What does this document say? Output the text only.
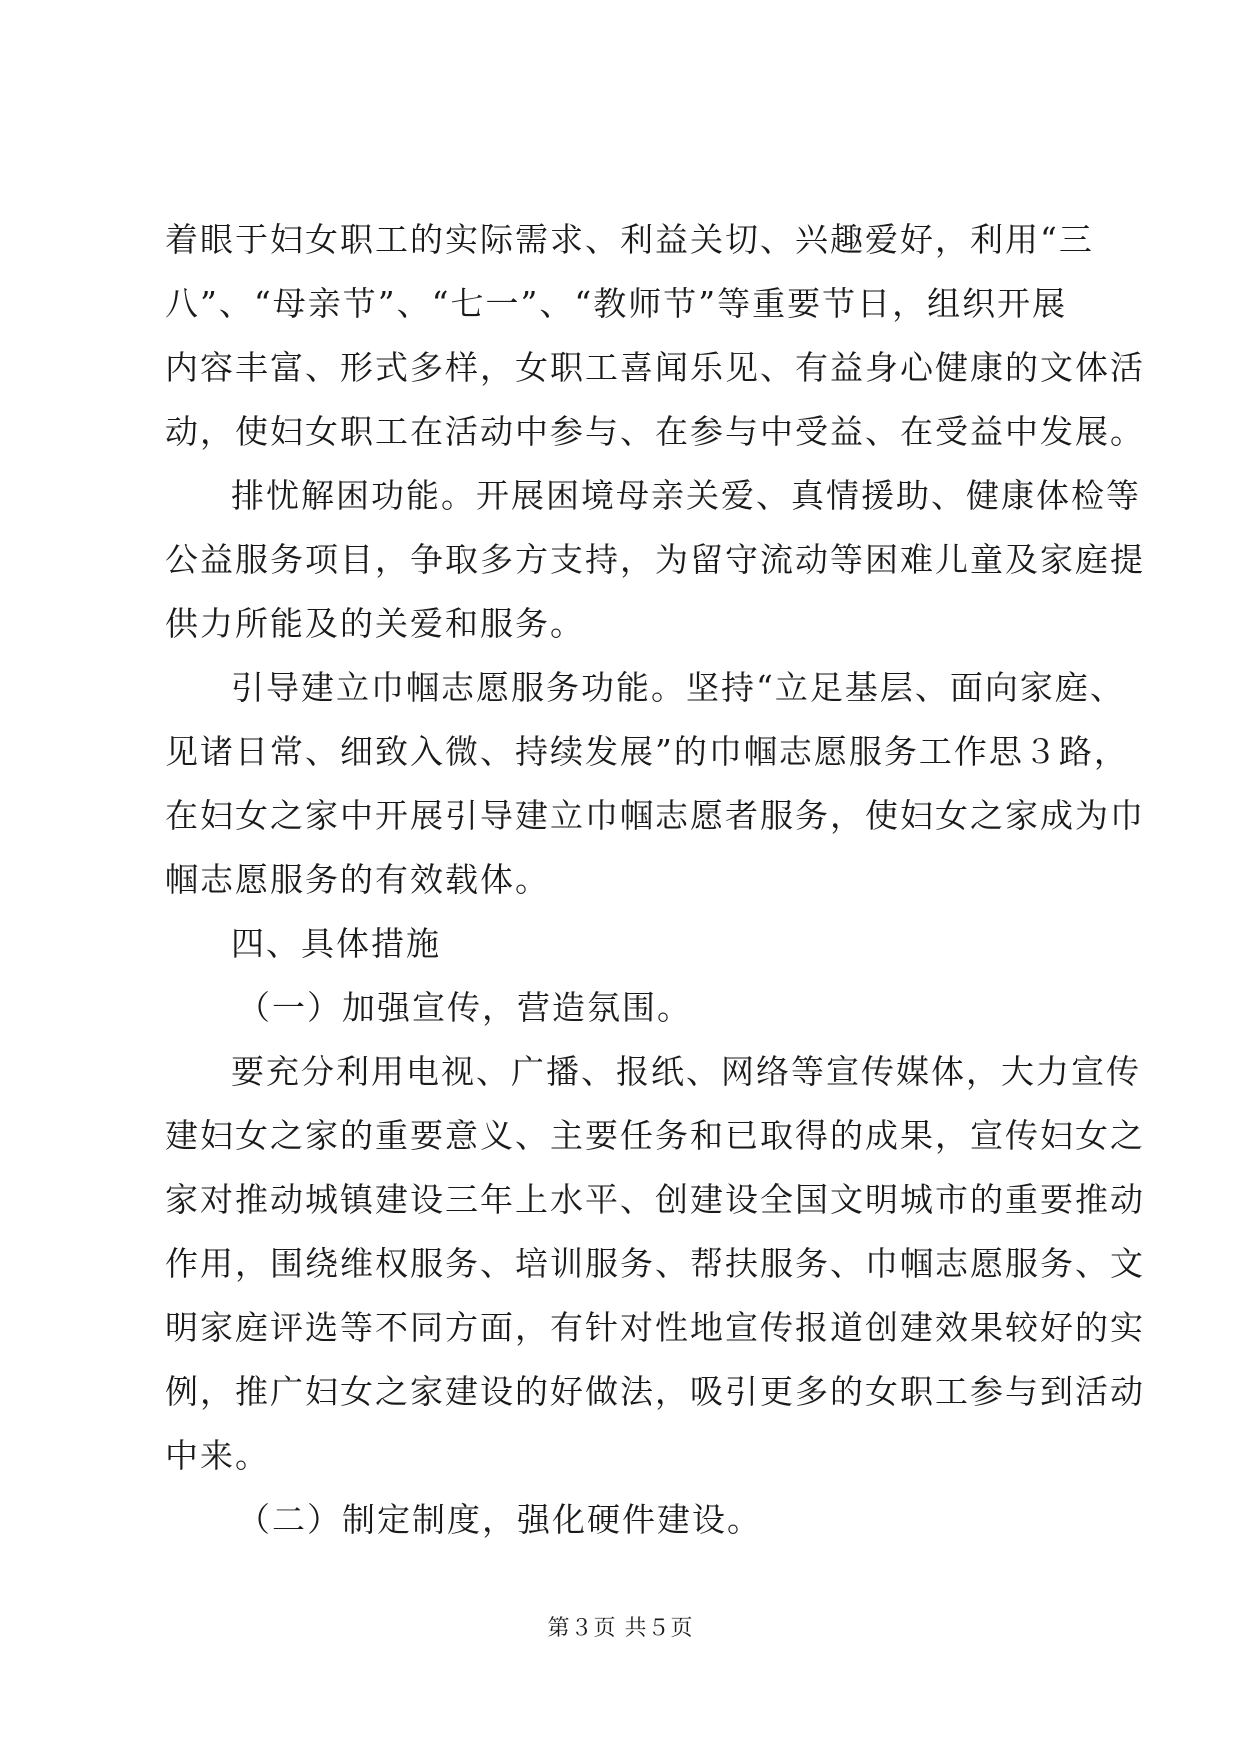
着眼于妇女职工的实际需求、利益关切、兴趣爱好，利用“三
八”、“母亲节”、“七一”、“教师节”等重要节日，组织开展
内容丰富、形式多样，女职工喜闻乐见、有益身心健康的文体活
动，使妇女职工在活动中参与、在参与中受益、在受益中发展。
排忧解困功能。开展困境母亲关爱、真情援助、健康体检等
公益服务项目，争取多方支持，为留守流动等困难儿童及家庭提
供力所能及的关爱和服务。
引导建立巾帼志愿服务功能。坚持“立足基层、面向家庭、
见诸日常、细致入微、持续发展”的巾帼志愿服务工作思３路，
在妇女之家中开展引导建立巾帼志愿者服务，使妇女之家成为巾
帼志愿服务的有效载体。
四、具体措施
（一）加强宣传，营造氛围。
要充分利用电视、广播、报纸、网络等宣传媒体，大力宣传
建妇女之家的重要意义、主要任务和已取得的成果，宣传妇女之
家对推动城镇建设三年上水平、创建设全国文明城市的重要推动
作用，围绕维权服务、培训服务、帮扶服务、巾帼志愿服务、文
明家庭评选等不同方面，有针对性地宣传报道创建效果较好的实
例，推广妇女之家建设的好做法，吸引更多的女职工参与到活动
中来。
（二）制定制度，强化硬件建设。
第３页 共５页
